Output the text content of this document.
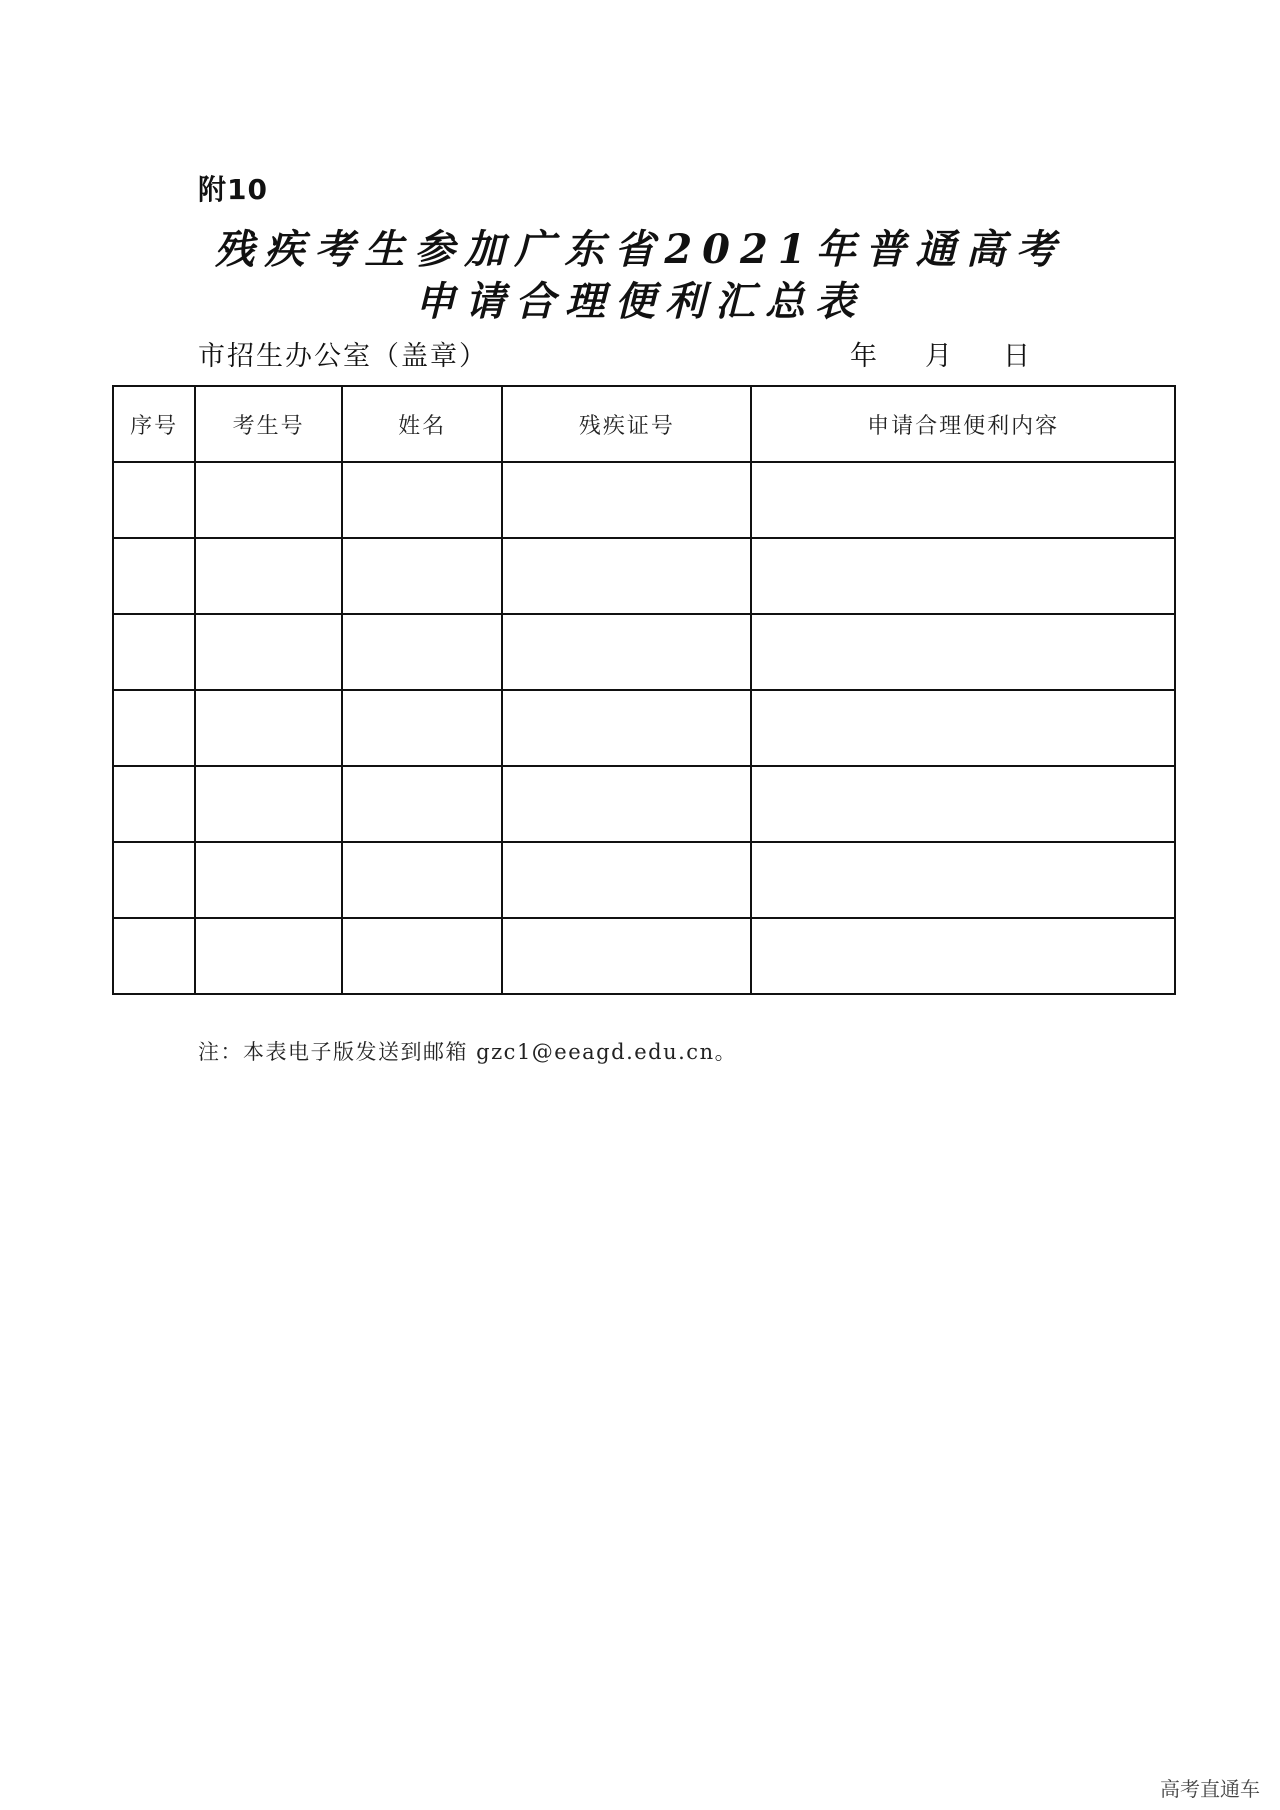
附10
残疾考生参加广东省2021年普通高考
申请合理便利汇总表
市招生办公室（盖章）	年	月	日
序号	考生号	姓名	残疾证号	申请合理便利内容

注：本表电子版发送到邮箱 gzc1@eeagd.edu.cn。
高考直通车
